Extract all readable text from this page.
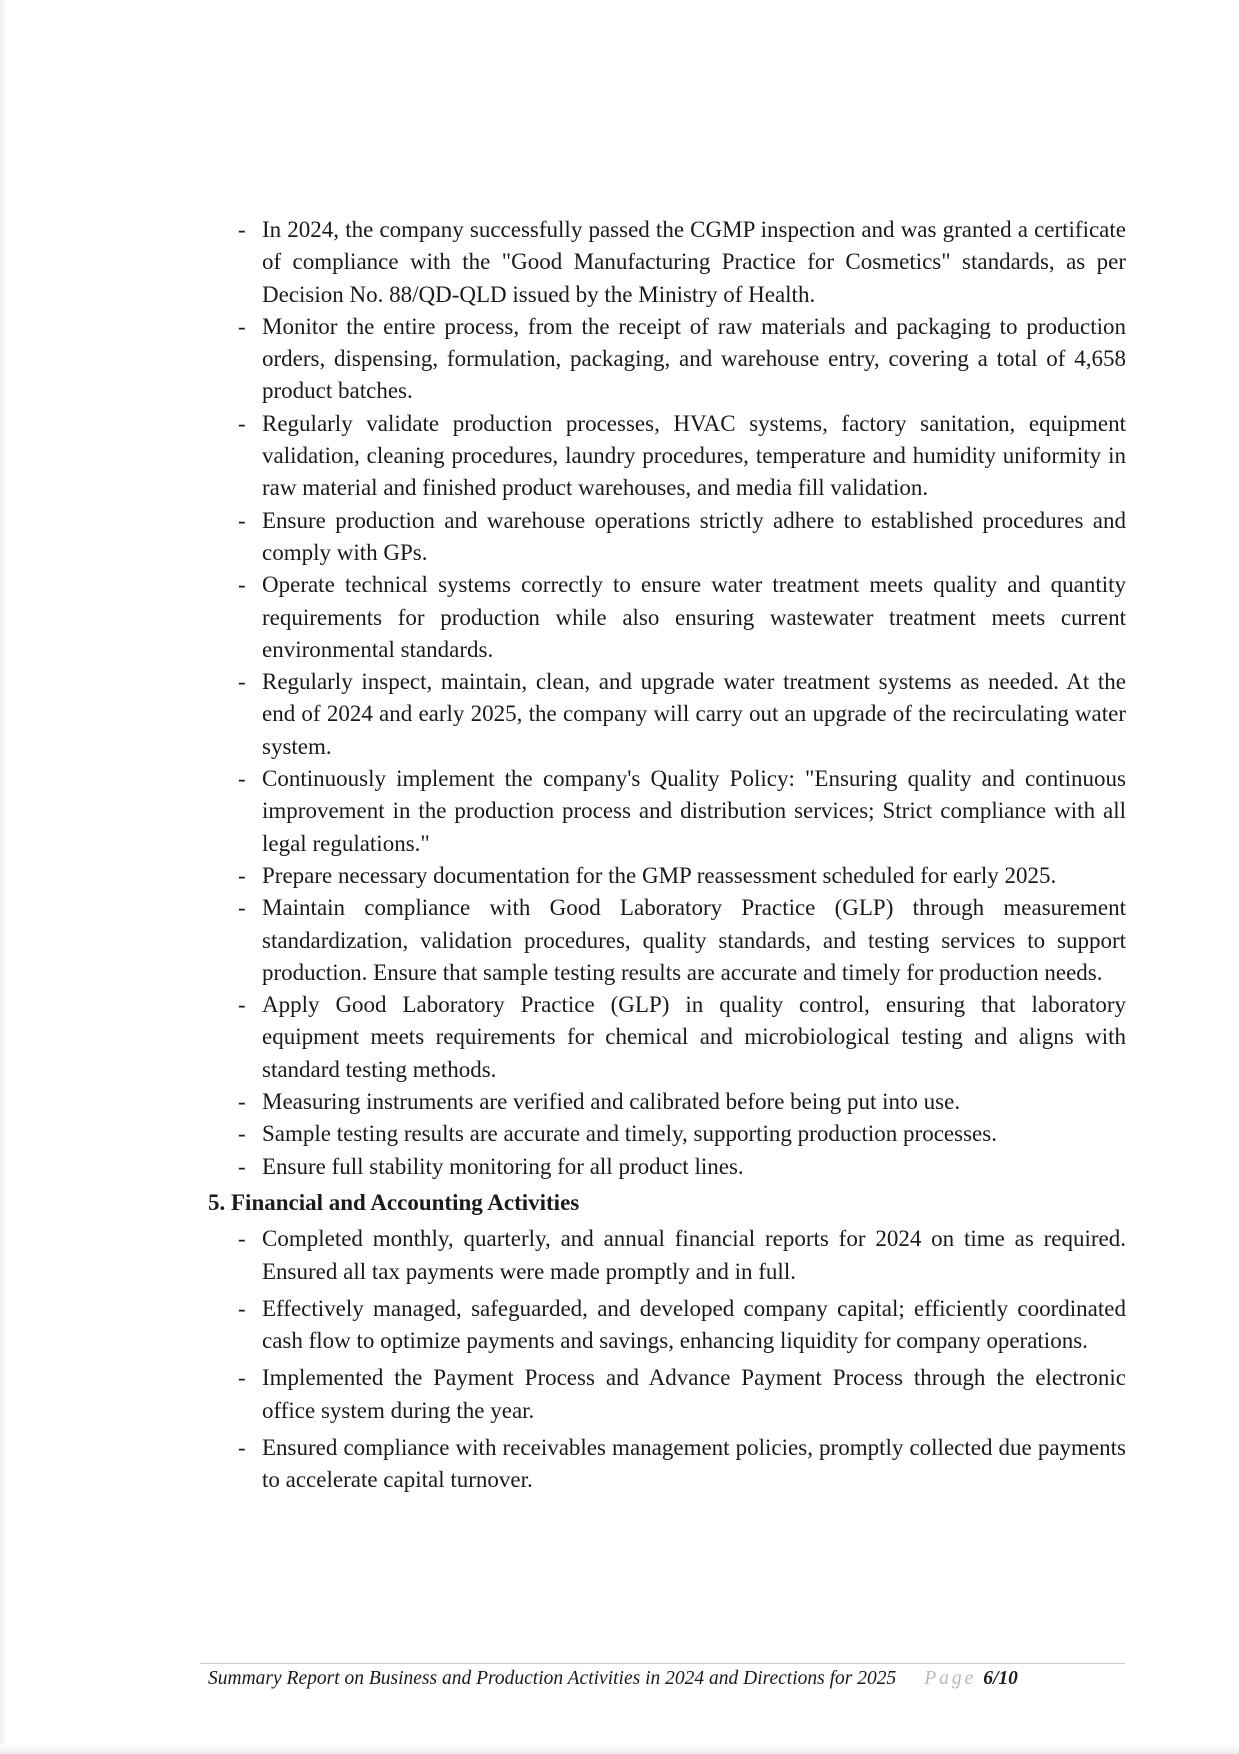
- In 2024, the company successfully passed the CGMP inspection and was granted a certificate of compliance with the "Good Manufacturing Practice for Cosmetics" standards, as per Decision No. 88/QD-QLD issued by the Ministry of Health.
- Monitor the entire process, from the receipt of raw materials and packaging to production orders, dispensing, formulation, packaging, and warehouse entry, covering a total of 4,658 product batches.
- Regularly validate production processes, HVAC systems, factory sanitation, equipment validation, cleaning procedures, laundry procedures, temperature and humidity uniformity in raw material and finished product warehouses, and media fill validation.
- Ensure production and warehouse operations strictly adhere to established procedures and comply with GPs.
- Operate technical systems correctly to ensure water treatment meets quality and quantity requirements for production while also ensuring wastewater treatment meets current environmental standards.
- Regularly inspect, maintain, clean, and upgrade water treatment systems as needed. At the end of 2024 and early 2025, the company will carry out an upgrade of the recirculating water system.
- Continuously implement the company's Quality Policy: "Ensuring quality and continuous improvement in the production process and distribution services; Strict compliance with all legal regulations."
- Prepare necessary documentation for the GMP reassessment scheduled for early 2025.
- Maintain compliance with Good Laboratory Practice (GLP) through measurement standardization, validation procedures, quality standards, and testing services to support production. Ensure that sample testing results are accurate and timely for production needs.
- Apply Good Laboratory Practice (GLP) in quality control, ensuring that laboratory equipment meets requirements for chemical and microbiological testing and aligns with standard testing methods.
- Measuring instruments are verified and calibrated before being put into use.
- Sample testing results are accurate and timely, supporting production processes.
- Ensure full stability monitoring for all product lines.
5. Financial and Accounting Activities
- Completed monthly, quarterly, and annual financial reports for 2024 on time as required. Ensured all tax payments were made promptly and in full.
- Effectively managed, safeguarded, and developed company capital; efficiently coordinated cash flow to optimize payments and savings, enhancing liquidity for company operations.
- Implemented the Payment Process and Advance Payment Process through the electronic office system during the year.
- Ensured compliance with receivables management policies, promptly collected due payments to accelerate capital turnover.
Summary Report on Business and Production Activities in 2024 and Directions for 2025 Page 6/10
